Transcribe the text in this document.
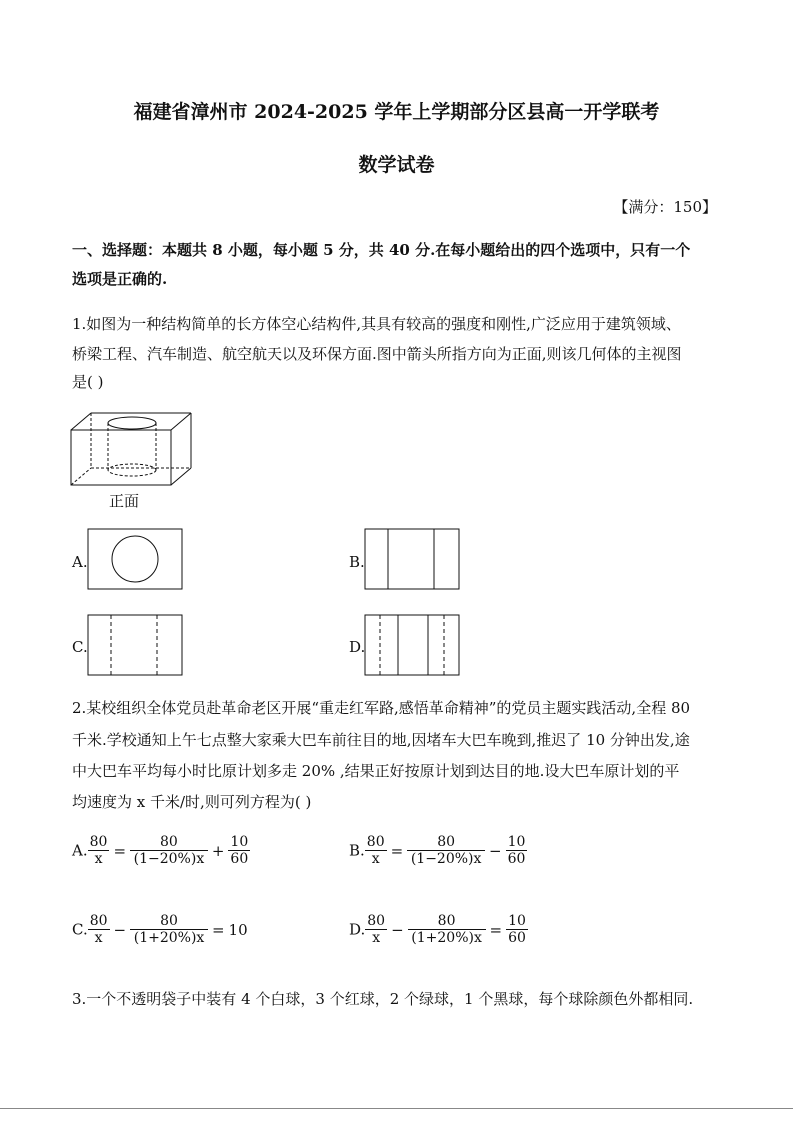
福建省漳州市 2024-2025 学年上学期部分区县高一开学联考
数学试卷
【满分：150】
一、选择题：本题共 8 小题，每小题 5 分，共 40 分.在每小题给出的四个选项中，只有一个
选项是正确的.
1.如图为一种结构简单的长方体空心结构件,其具有较高的强度和刚性,广泛应用于建筑领域、
桥梁工程、汽车制造、航空航天以及环保方面.图中箭头所指方向为正面,则该几何体的主视图
是( )
正面
A.	B.
C.	D.
2.某校组织全体党员赴革命老区开展“重走红军路,感悟革命精神”的党员主题实践活动,全程 80
千米.学校通知上午七点整大家乘大巴车前往目的地,因堵车大巴车晚到,推迟了 10 分钟出发,途
中大巴车平均每小时比原计划多走 20% ,结果正好按原计划到达目的地.设大巴车原计划的平
均速度为 x 千米/时,则可列方程为( )
A. $\frac{80}{x} = \frac{80}{(1-20\%)x} + \frac{10}{60}$	B. $\frac{80}{x} = \frac{80}{(1-20\%)x} - \frac{10}{60}$
C. $\frac{80}{x} - \frac{80}{(1+20\%)x} = 10$	D. $\frac{80}{x} - \frac{80}{(1+20\%)x} = \frac{10}{60}$
3.一个不透明袋子中装有 4 个白球，3 个红球，2 个绿球，1 个黑球，每个球除颜色外都相同.
